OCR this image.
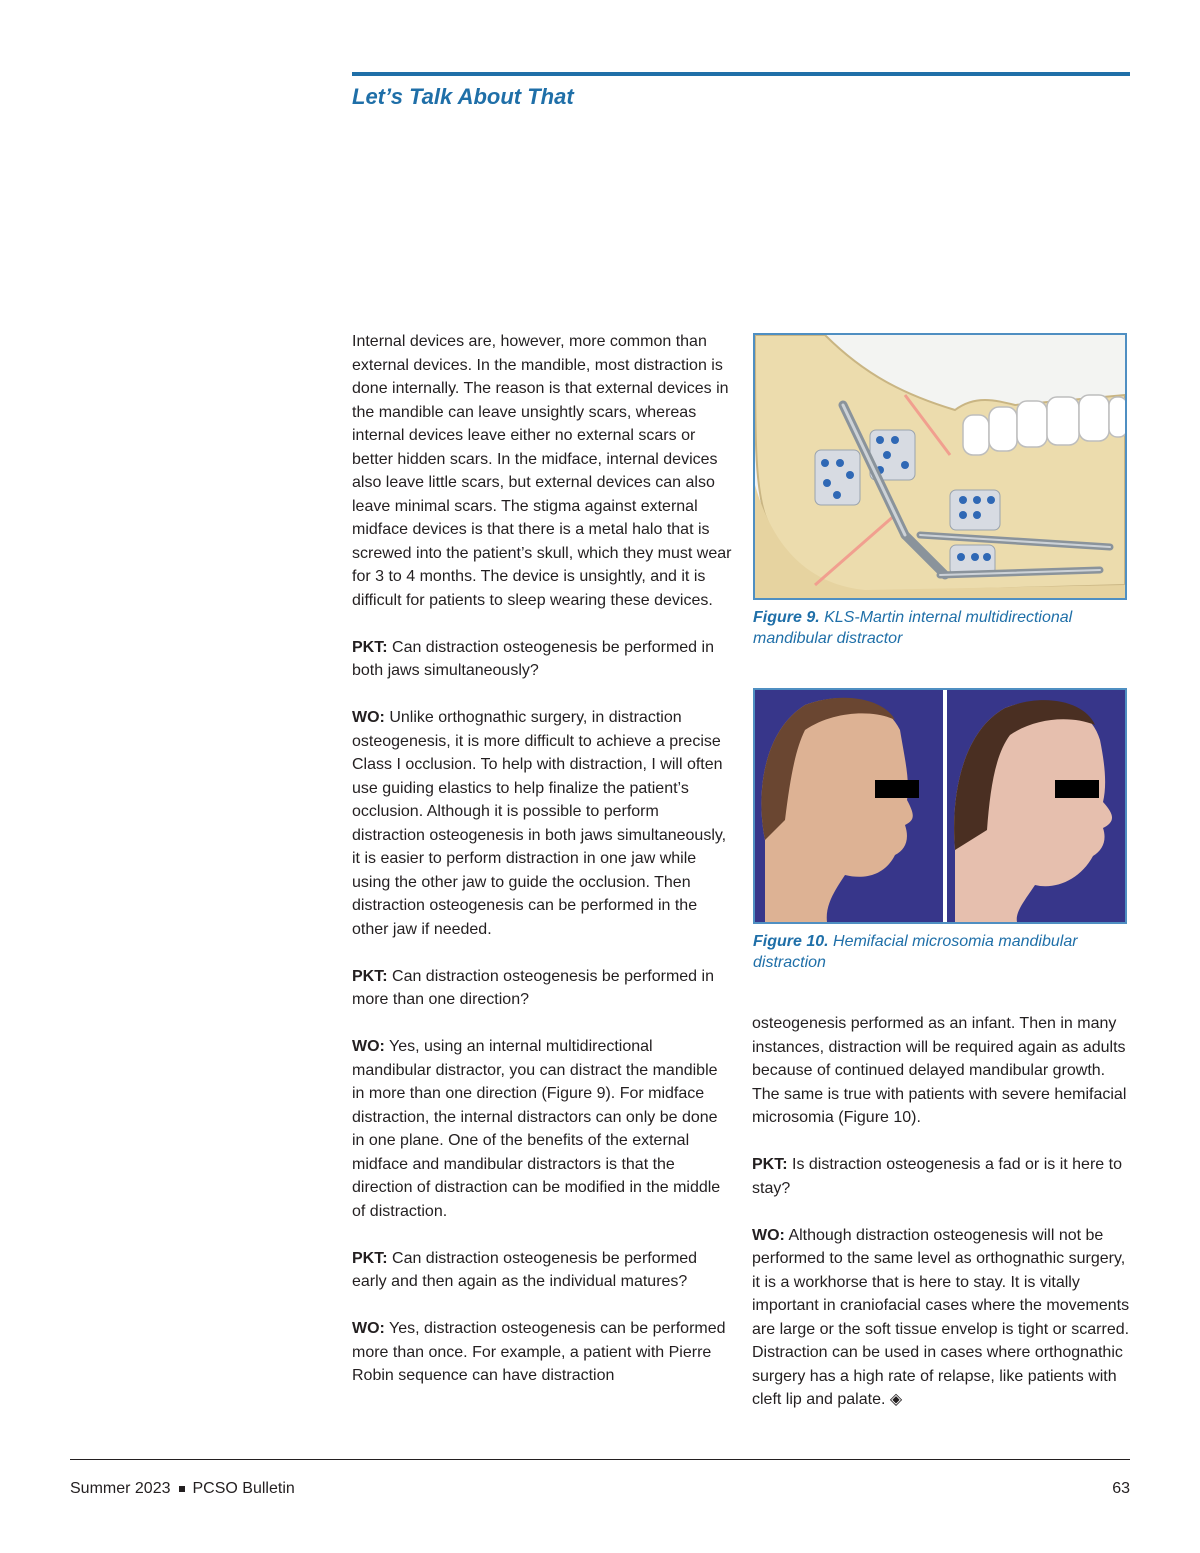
Let’s Talk About That

Internal devices are, however, more common than external devices. In the mandible, most distraction is done internally. The reason is that external devices in the mandible can leave unsightly scars, whereas internal devices leave either no external scars or better hidden scars. In the midface, internal devices also leave little scars, but external devices can also leave minimal scars. The stigma against external midface devices is that there is a metal halo that is screwed into the patient’s skull, which they must wear for 3 to 4 months. The device is unsightly, and it is difficult for patients to sleep wearing these devices.

PKT: Can distraction osteogenesis be performed in both jaws simultaneously?

WO: Unlike orthognathic surgery, in distraction osteogenesis, it is more difficult to achieve a precise Class I occlusion. To help with distraction, I will often use guiding elastics to help finalize the patient’s occlusion. Although it is possible to perform distraction osteogenesis in both jaws simultaneously, it is easier to perform distraction in one jaw while using the other jaw to guide the occlusion. Then distraction osteogenesis can be performed in the other jaw if needed.

PKT: Can distraction osteogenesis be performed in more than one direction?

WO: Yes, using an internal multidirectional mandibular distractor, you can distract the mandible in more than one direction (Figure 9). For midface distraction, the internal distractors can only be done in one plane. One of the benefits of the external midface and mandibular distractors is that the direction of distraction can be modified in the middle of distraction.

PKT: Can distraction osteogenesis be performed early and then again as the individual matures?

WO: Yes, distraction osteogenesis can be performed more than once. For example, a patient with Pierre Robin sequence can have distraction

Figure 9. KLS-Martin internal multidirectional mandibular distractor

Figure 10. Hemifacial microsomia mandibular distraction

osteogenesis performed as an infant. Then in many instances, distraction will be required again as adults because of continued delayed mandibular growth. The same is true with patients with severe hemifacial microsomia (Figure 10).

PKT: Is distraction osteogenesis a fad or is it here to stay?

WO: Although distraction osteogenesis will not be performed to the same level as orthognathic surgery, it is a workhorse that is here to stay. It is vitally important in craniofacial cases where the movements are large or the soft tissue envelop is tight or scarred. Distraction can be used in cases where orthognathic surgery has a high rate of relapse, like patients with cleft lip and palate. ◈

Summer 2023 PCSO Bulletin	63
